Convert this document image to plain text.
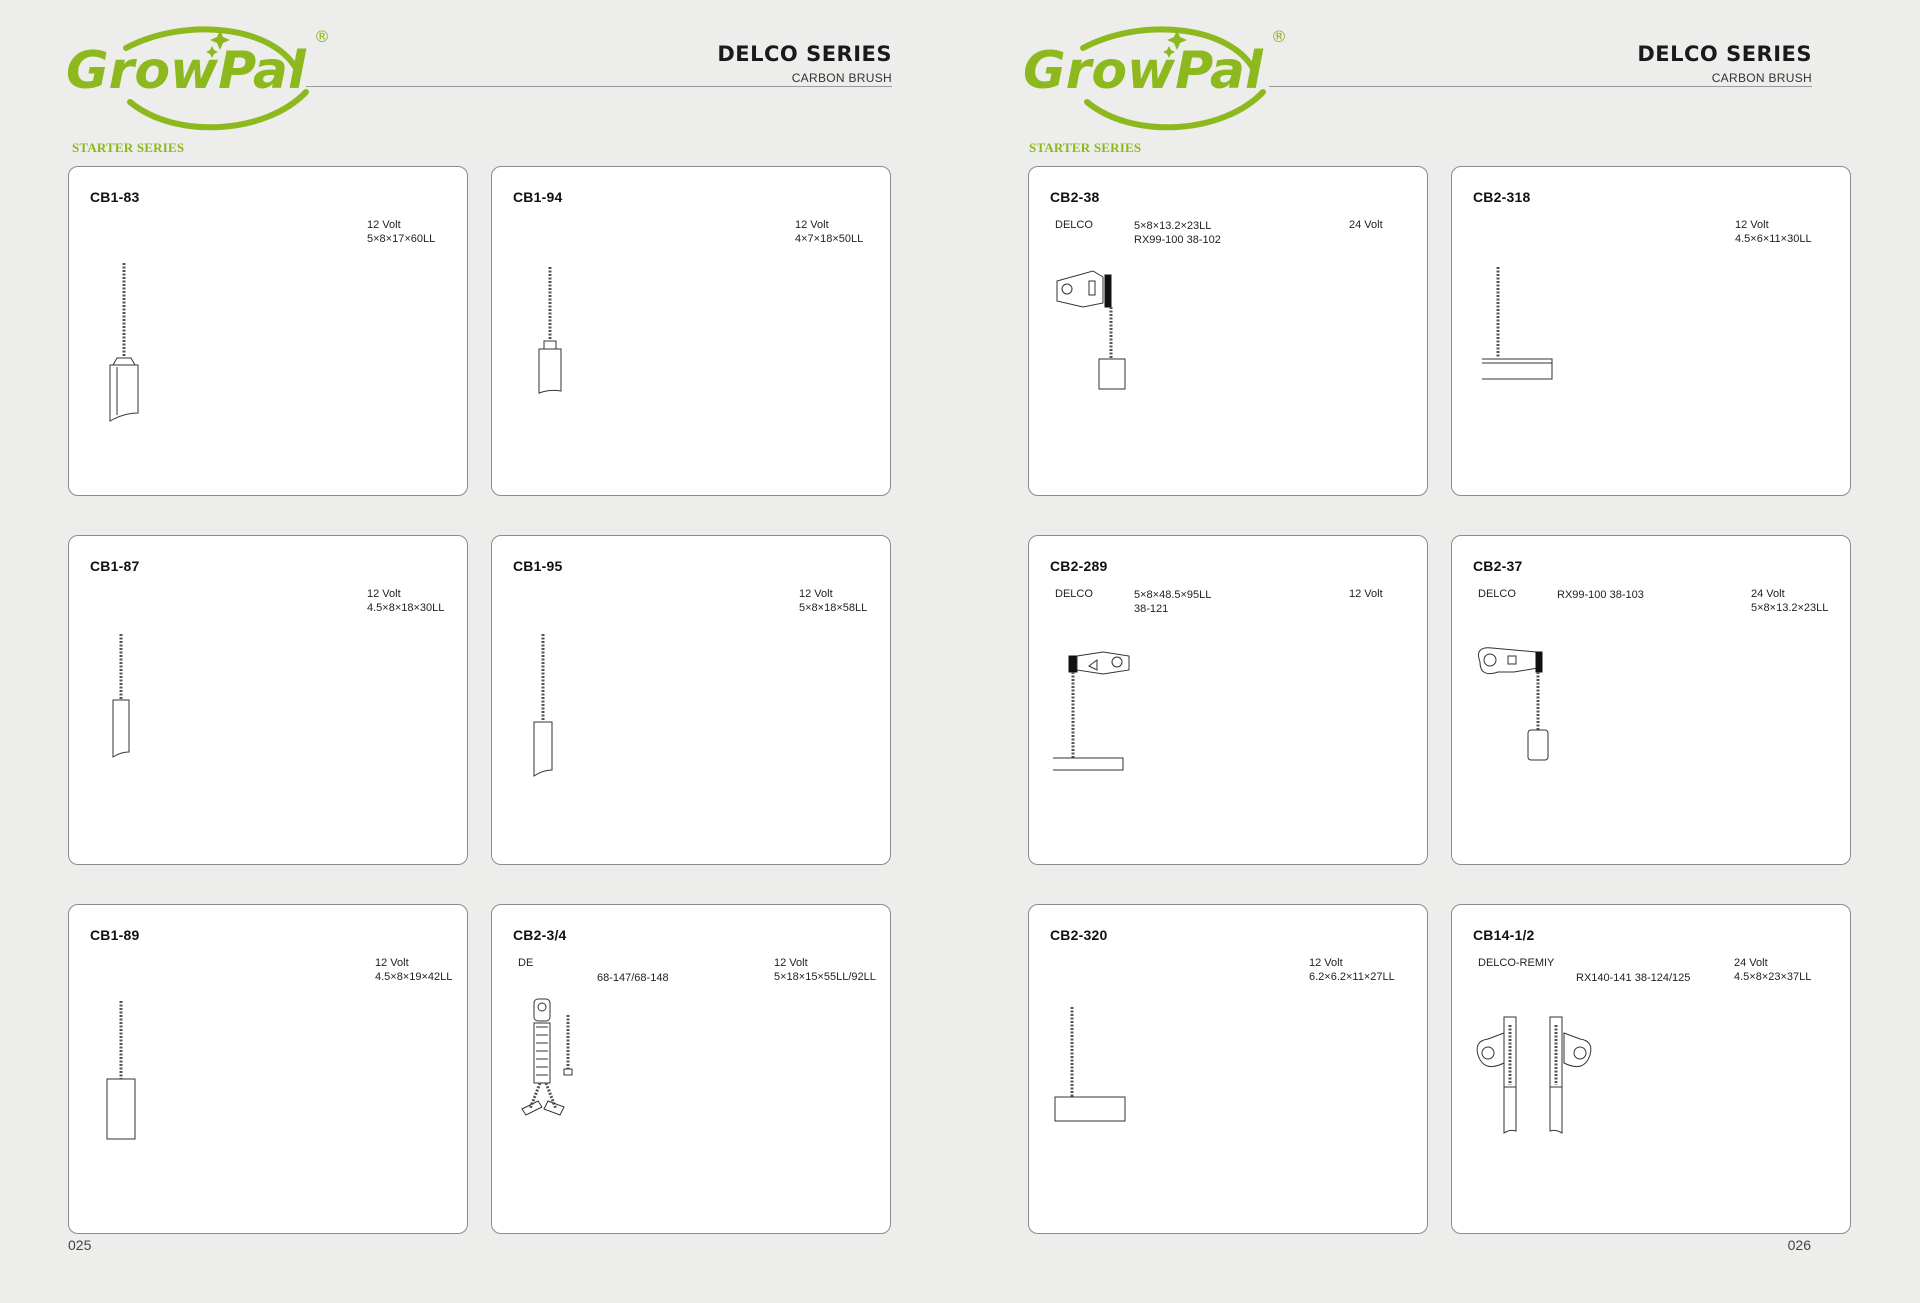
GrowPal
®
DELCO SERIES
CARBON BRUSH
STARTER SERIES
CB1-83
12 Volt
5×8×17×60LL
CB1-94
12 Volt
4×7×18×50LL
CB1-87
12 Volt
4.5×8×18×30LL
CB1-95
12 Volt
5×8×18×58LL
CB1-89
12 Volt
4.5×8×19×42LL
CB2-3/4
DE
68-147/68-148
12 Volt
5×18×15×55LL/92LL
025
GrowPal
®
DELCO SERIES
CARBON BRUSH
STARTER SERIES
CB2-38
DELCO	5×8×13.2×23LL
RX99-100 38-102
24 Volt
CB2-318
12 Volt
4.5×6×11×30LL
CB2-289
DELCO	5×8×48.5×95LL
38-121
12 Volt
CB2-37
DELCO	RX99-100 38-103	24 Volt
5×8×13.2×23LL
CB2-320
12 Volt
6.2×6.2×11×27LL
CB14-1/2
DELCO-REMIY
RX140-141 38-124/125
24 Volt
4.5×8×23×37LL
026
